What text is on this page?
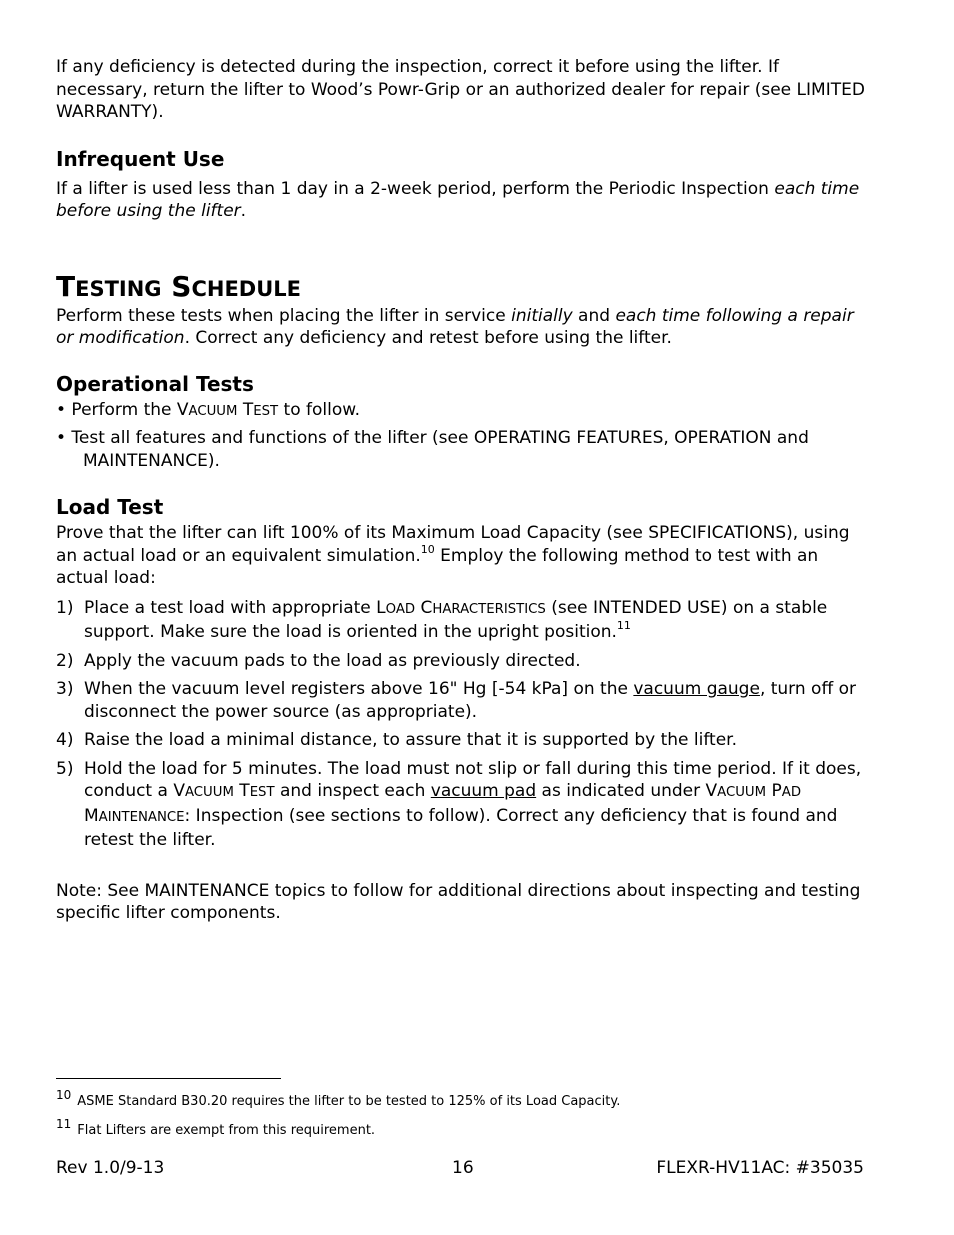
If any deficiency is detected during the inspection, correct it before using the lifter. If necessary, return the lifter to Wood’s Powr-Grip or an authorized dealer for repair (see LIMITED WARRANTY).

Infrequent Use

If a lifter is used less than 1 day in a 2-week period, perform the Periodic Inspection each time before using the lifter.

TESTING SCHEDULE

Perform these tests when placing the lifter in service initially and each time following a repair or modification. Correct any deficiency and retest before using the lifter.

Operational Tests

• Perform the VACUUM TEST to follow.

• Test all features and functions of the lifter (see OPERATING FEATURES, OPERATION and MAINTENANCE).

Load Test

Prove that the lifter can lift 100% of its Maximum Load Capacity (see SPECIFICATIONS), using an actual load or an equivalent simulation.$^{10}$ Employ the following method to test with an actual load:

1) Place a test load with appropriate LOAD CHARACTERISTICS (see INTENDED USE) on a stable support. Make sure the load is oriented in the upright position.$^{11}$
2) Apply the vacuum pads to the load as previously directed.
3) When the vacuum level registers above 16" Hg [-54 kPa] on the vacuum gauge, turn off or disconnect the power source (as appropriate).
4) Raise the load a minimal distance, to assure that it is supported by the lifter.
5) Hold the load for 5 minutes. The load must not slip or fall during this time period. If it does, conduct a VACUUM TEST and inspect each vacuum pad as indicated under VACUUM PAD MAINTENANCE: Inspection (see sections to follow). Correct any deficiency that is found and retest the lifter.

Note: See MAINTENANCE topics to follow for additional directions about inspecting and testing specific lifter components.

$^{10}$ ASME Standard B30.20 requires the lifter to be tested to 125% of its Load Capacity.
$^{11}$ Flat Lifters are exempt from this requirement.
Rev 1.0/9-13	16	FLEXR-HV11AC: #35035
